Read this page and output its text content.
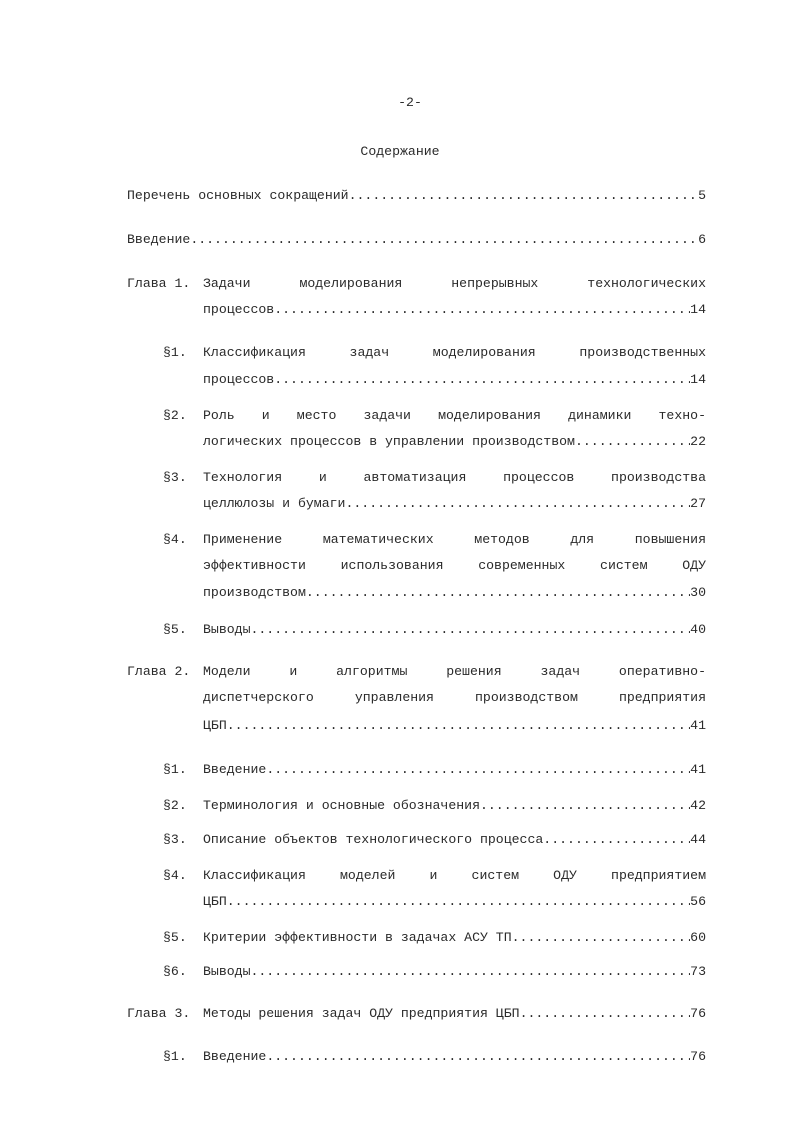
-2-
Содержание
Перечень основных сокращений .....	5
Введение .....	6
Глава 1. Задачи моделирования непрерывных технологических
процессов .....	14
§1. Классификация задач моделирования производственных
процессов .....	14
§2. Роль и место задачи моделирования динамики техно-
логических процессов в управлении производством .....	22
§3. Технология и автоматизация процессов производства
целлюлозы и бумаги .....	27
§4. Применение математических методов для повышения
эффективности использования современных систем ОДУ
производством .....	30
§5. Выводы .....	40
Глава 2. Модели и алгоритмы решения задач оперативно-
диспетчерского управления производством предприятия
ЦБП .....	41
§1. Введение .....	41
§2. Терминология и основные обозначения .....	42
§3. Описание объектов технологического процесса .....	44
§4. Классификация моделей и систем ОДУ предприятием
ЦБП .....	56
§5. Критерии эффективности в задачах АСУ ТП .....	60
§6. Выводы .....	73
Глава 3. Методы решения задач ОДУ предприятия ЦБП .....	76
§1. Введение .....	76
